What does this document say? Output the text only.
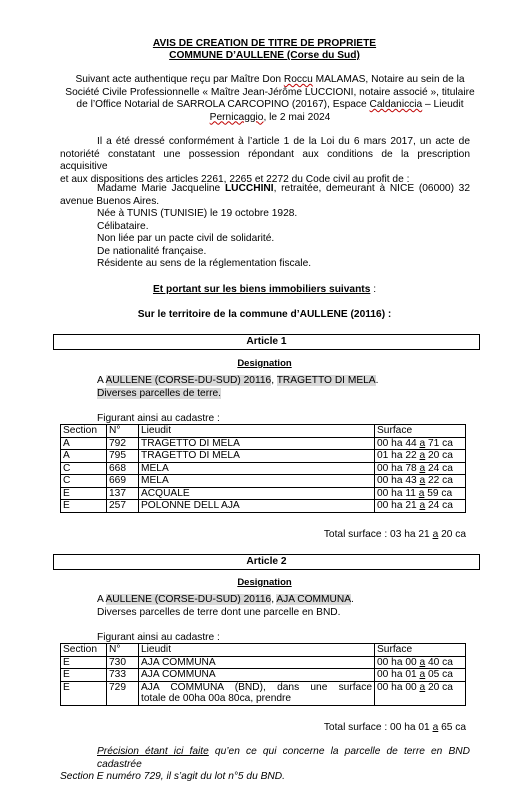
AVIS DE CREATION DE TITRE DE PROPRIETE
COMMUNE D’AULLENE (Corse du Sud)
Suivant acte authentique reçu par Maître Don Roccu MALAMAS, Notaire au sein de la
Société Civile Professionnelle « Maître Jean-Jérôme LUCCIONI, notaire associé », titulaire
de l’Office Notarial de SARROLA CARCOPINO (20167), Espace Caldaniccia – Lieudit
Pernicaggio, le 2 mai 2024
Il a été dressé conformément à l’article 1 de la Loi du 6 mars 2017, un acte de
notoriété constatant une possession répondant aux conditions de la prescription acquisitive
et aux dispositions des articles 2261, 2265 et 2272 du Code civil au profit de :
Madame Marie Jacqueline LUCCHINI, retraitée, demeurant à NICE (06000) 32
avenue Buenos Aires.
Née à TUNIS (TUNISIE) le 19 octobre 1928.
Célibataire.
Non liée par un pacte civil de solidarité.
De nationalité française.
Résidente au sens de la réglementation fiscale.
Et portant sur les biens immobiliers suivants :
Sur le territoire de la commune d’AULLENE (20116) :
Article 1
Designation
A AULLENE (CORSE-DU-SUD) 20116, TRAGETTO DI MELA.
Diverses parcelles de terre.
Figurant ainsi au cadastre :
Section	N°	Lieudit	Surface
A	792	TRAGETTO DI MELA	00 ha 44 a 71 ca
A	795	TRAGETTO DI MELA	01 ha 22 a 20 ca
C	668	MELA	00 ha 78 a 24 ca
C	669	MELA	00 ha 43 a 22 ca
E	137	ACQUALE	00 ha 11 a 59 ca
E	257	POLONNE DELL AJA	00 ha 21 a 24 ca
Total surface : 03 ha 21 a 20 ca
Article 2
Designation
A AULLENE (CORSE-DU-SUD) 20116, AJA COMMUNA.
Diverses parcelles de terre dont une parcelle en BND.
Figurant ainsi au cadastre :
Section	N°	Lieudit	Surface
E	730	AJA COMMUNA	00 ha 00 a 40 ca
E	733	AJA COMMUNA	00 ha 01 a 05 ca
E	729	AJA COMMUNA (BND), dans une surface
totale de 00ha 00a 80ca, prendre	00 ha 00 a 20 ca
Total surface : 00 ha 01 a 65 ca
Précision étant ici faite qu’en ce qui concerne la parcelle de terre en BND cadastrée
Section E numéro 729, il s’agit du lot n°5 du BND.
